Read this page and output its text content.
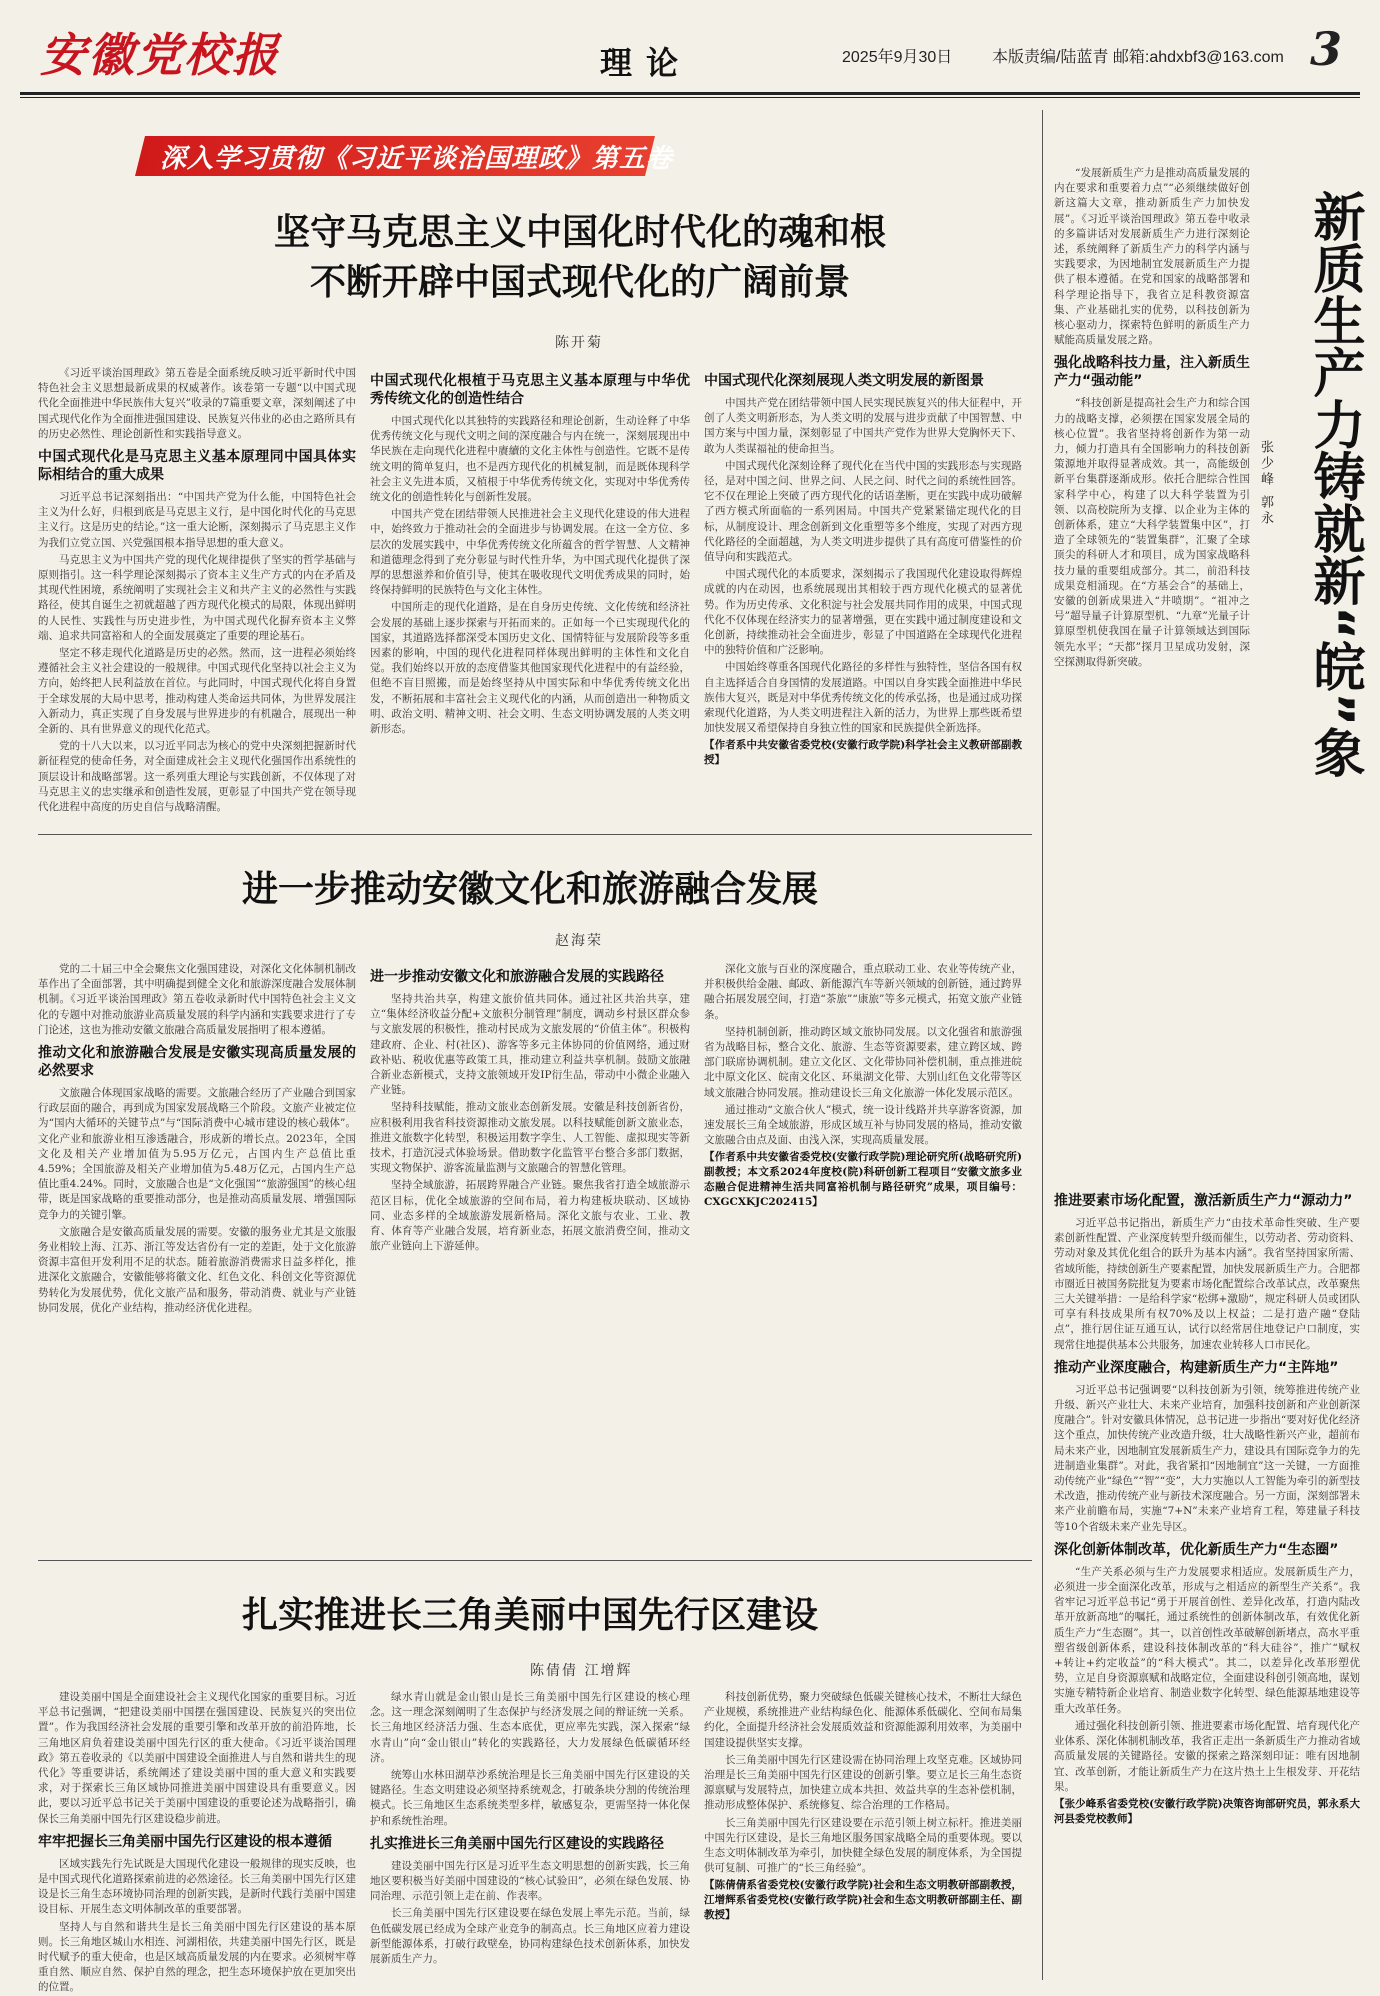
安徽党校报	理论	2025年9月30日 本版责编/陆蓝青 邮箱:ahdxbf3@163.com 3
深入学习贯彻《习近平谈治国理政》第五卷
坚守马克思主义中国化时代化的魂和根
不断开辟中国式现代化的广阔前景
陈开菊

《习近平谈治国理政》第五卷是全面系统反映习近平新时代中国特色社会主义思想最新成果的权威著作。该卷第一专题“以中国式现代化全面推进中华民族伟大复兴”收录的7篇重要文章，深刻阐述了中国式现代化作为全面推进强国建设、民族复兴伟业的必由之路所具有的历史必然性、理论创新性和实践指导意义。

中国式现代化是马克思主义基本原理同中国具体实际相结合的重大成果

习近平总书记深刻指出：“中国共产党为什么能，中国特色社会主义为什么好，归根到底是马克思主义行，是中国化时代化的马克思主义行。这是历史的结论。”这一重大论断，深刻揭示了马克思主义作为我们立党立国、兴党强国根本指导思想的重大意义。

马克思主义为中国共产党的现代化规律提供了坚实的哲学基础与原则指引。这一科学理论深刻揭示了资本主义生产方式的内在矛盾及其现代性困境，系统阐明了实现社会主义和共产主义的必然性与实践路径，使其自诞生之初就超越了西方现代化模式的局限，体现出鲜明的人民性、实践性与历史进步性，为中国式现代化摒弃资本主义弊端、追求共同富裕和人的全面发展奠定了重要的理论基石。

坚定不移走现代化道路是历史的必然。然而，这一进程必须始终遵循社会主义社会建设的一般规律。中国式现代化坚持以社会主义为方向，始终把人民利益放在首位。与此同时，中国式现代化将自身置于全球发展的大局中思考，推动构建人类命运共同体，为世界发展注入新动力，真正实现了自身发展与世界进步的有机融合，展现出一种全新的、具有世界意义的现代化范式。

党的十八大以来，以习近平同志为核心的党中央深刻把握新时代新征程党的使命任务，对全面建成社会主义现代化强国作出系统性的顶层设计和战略部署。这一系列重大理论与实践创新，不仅体现了对马克思主义的忠实继承和创造性发展，更彰显了中国共产党在领导现代化进程中高度的历史自信与战略清醒。

中国式现代化根植于马克思主义基本原理与中华优秀传统文化的创造性结合

中国式现代化以其独特的实践路径和理论创新，生动诠释了中华优秀传统文化与现代文明之间的深度融合与内在统一，深刻展现出中华民族在走向现代化进程中賡續的文化主体性与创造性。它既不是传统文明的简单复归，也不是西方现代化的机械复制，而是既体现科学社会主义先进本质，又植根于中华优秀传统文化，实现对中华优秀传统文化的创造性转化与创新性发展。

中国共产党在团结带领人民推进社会主义现代化建设的伟大进程中，始终致力于推动社会的全面进步与协调发展。在这一全方位、多层次的发展实践中，中华优秀传统文化所蕴含的哲学智慧、人文精神和道德理念得到了充分彰显与时代性升华，为中国式现代化提供了深厚的思想滋养和价值引导，使其在吸收现代文明优秀成果的同时，始终保持鲜明的民族特色与文化主体性。

中国所走的现代化道路，是在自身历史传统、文化传统和经济社会发展的基础上逐步探索与开拓而来的。正如每一个已实现现代化的国家，其道路选择都深受本国历史文化、国情特征与发展阶段等多重因素的影响，中国的现代化进程同样体现出鲜明的主体性和文化自觉。我们始终以开放的态度借鉴其他国家现代化进程中的有益经验，但绝不盲目照搬，而是始终坚持从中国实际和中华优秀传统文化出发，不断拓展和丰富社会主义现代化的内涵，从而创造出一种物质文明、政治文明、精神文明、社会文明、生态文明协调发展的人类文明新形态。

中国式现代化深刻展现人类文明发展的新图景

中国共产党在团结带领中国人民实现民族复兴的伟大征程中，开创了人类文明新形态，为人类文明的发展与进步贡献了中国智慧、中国方案与中国力量，深刻彰显了中国共产党作为世界大党胸怀天下、敢为人类谋福祉的使命担当。

中国式现代化深刻诠释了现代化在当代中国的实践形态与实现路径，是对中国之问、世界之问、人民之问、时代之问的系统性回答。它不仅在理论上突破了西方现代化的话语垄断，更在实践中成功破解了西方模式所面临的一系列困局。中国共产党紧紧锚定现代化的目标，从制度设计、理念创新到文化重塑等多个维度，实现了对西方现代化路径的全面超越，为人类文明进步提供了具有高度可借鉴性的价值导向和实践范式。

中国式现代化的本质要求，深刻揭示了我国现代化建设取得辉煌成就的内在动因，也系统展现出其相较于西方现代化模式的显著优势。作为历史传承、文化积淀与社会发展共同作用的成果，中国式现代化不仅体现在经济实力的显著增强，更在实践中通过制度建设和文化创新，持续推动社会全面进步，彰显了中国道路在全球现代化进程中的独特价值和广泛影响。

中国始终尊重各国现代化路径的多样性与独特性，坚信各国有权自主选择适合自身国情的发展道路。中国以自身实践全面推进中华民族伟大复兴，既是对中华优秀传统文化的传承弘扬，也是通过成功探索现代化道路，为人类文明进程注入新的活力，为世界上那些既希望加快发展又希望保持自身独立性的国家和民族提供全新选择。

【作者系中共安徽省委党校(安徽行政学院)科学社会主义教研部副教授】
进一步推动安徽文化和旅游融合发展
赵海荣

党的二十届三中全会聚焦文化强国建设，对深化文化体制机制改革作出了全面部署，其中明确提到健全文化和旅游深度融合发展体制机制。《习近平谈治国理政》第五卷收录新时代中国特色社会主义文化的专题中对推动旅游业高质量发展的科学内涵和实践要求进行了专门论述，这也为推动安徽文旅融合高质量发展指明了根本遵循。

推动文化和旅游融合发展是安徽实现高质量发展的必然要求

文旅融合体现国家战略的需要。文旅融合经历了产业融合到国家行政层面的融合，再到成为国家发展战略三个阶段。文旅产业被定位为“国内大循环的关键节点”与“国际消费中心城市建设的核心载体”。文化产业和旅游业相互渗透融合，形成新的增长点。2023年，全国文化及相关产业增加值为5.95万亿元，占国内生产总值比重4.59%；全国旅游及相关产业增加值为5.48万亿元，占国内生产总值比重4.24%。同时，文旅融合也是“文化强国”“旅游强国”的核心纽带，既是国家战略的重要推动部分，也是推动高质量发展、增强国际竞争力的关键引擎。

文旅融合是安徽高质量发展的需要。安徽的服务业尤其是文旅服务业相较上海、江苏、浙江等发达省份有一定的差距，处于文化旅游资源丰富但开发利用不足的状态。随着旅游消费需求日益多样化，推进深化文旅融合，安徽能够将徽文化、红色文化、科创文化等资源优势转化为发展优势，优化文旅产品和服务，带动消费、就业与产业链协同发展，优化产业结构，推动经济优化进程。

进一步推动安徽文化和旅游融合发展的实践路径

坚持共治共享，构建文旅价值共同体。通过社区共治共享，建立“集体经济收益分配+文旅积分制管理”制度，调动乡村景区群众参与文旅发展的积极性，推动村民成为文旅发展的“价值主体”。积极构建政府、企业、村(社区)、游客等多元主体协同的价值网络，通过财政补贴、税收优惠等政策工具，推动建立利益共享机制。鼓励文旅融合新业态新模式，支持文旅领域开发IP衍生品，带动中小微企业融入产业链。

坚持科技赋能，推动文旅业态创新发展。安徽是科技创新省份，应积极利用我省科技资源推动文旅发展。以科技赋能创新文旅业态，推进文旅数字化转型，积极运用数字孪生、人工智能、虚拟现实等新技术，打造沉浸式体验场景。借助数字化监管平台整合多部门数据，实现文物保护、游客流量监测与文旅融合的智慧化管理。

坚持全域旅游，拓展跨界融合产业链。聚焦我省打造全域旅游示范区目标，优化全域旅游的空间布局，着力构建板块联动、区域协同、业态多样的全域旅游发展新格局。深化文旅与农业、工业、教育、体育等产业融合发展，培育新业态，拓展文旅消费空间，推动文旅产业链向上下游延伸。

深化文旅与百业的深度融合，重点联动工业、农业等传统产业，并积极供给金融、邮政、新能源汽车等新兴领域的创新链，通过跨界融合拓展发展空间，打造“茶旅”“康旅”等多元模式，拓宽文旅产业链条。

坚持机制创新，推动跨区域文旅协同发展。以文化强省和旅游强省为战略目标，整合文化、旅游、生态等资源要素，建立跨区域、跨部门联席协调机制。建立文化区、文化带协同补偿机制，重点推进皖北中原文化区、皖南文化区、环巢湖文化带、大别山红色文化带等区域文旅融合协同发展。推动建设长三角文化旅游一体化发展示范区。

通过推动“文旅合伙人”模式，统一设计线路并共享游客资源，加速发展长三角全域旅游，形成区域互补与协同发展的格局，推动安徽文旅融合由点及面、由浅入深，实现高质量发展。

【作者系中共安徽省委党校(安徽行政学院)理论研究所(战略研究所)副教授；本文系2024年度校(院)科研创新工程项目“安徽文旅多业态融合促进精神生活共同富裕机制与路径研究”成果，项目编号：CXGCXKJC202415】
扎实推进长三角美丽中国先行区建设
陈倩倩 江增辉

建设美丽中国是全面建设社会主义现代化国家的重要目标。习近平总书记强调，“把建设美丽中国摆在强国建设、民族复兴的突出位置”。作为我国经济社会发展的重要引擎和改革开放的前沿阵地，长三角地区肩负着建设美丽中国先行区的重大使命。《习近平谈治国理政》第五卷收录的《以美丽中国建设全面推进人与自然和谐共生的现代化》等重要讲话，系统阐述了建设美丽中国的重大意义和实践要求，对于探索长三角区域协同推进美丽中国建设具有重要意义。因此，要以习近平总书记关于美丽中国建设的重要论述为战略指引，确保长三角美丽中国先行区建设稳步前进。

牢牢把握长三角美丽中国先行区建设的根本遵循

区域实践先行先试既是大国现代化建设一般规律的现实反映，也是中国式现代化道路探索前进的必然途径。长三角美丽中国先行区建设是长三角生态环境协同治理的创新实践，是新时代践行美丽中国建设目标、开展生态文明体制改革的重要部署。

坚持人与自然和谐共生是长三角美丽中国先行区建设的基本原则。长三角地区城山水相连、河湖相依，共建美丽中国先行区，既是时代赋予的重大使命，也是区域高质量发展的内在要求。必须树牢尊重自然、顺应自然、保护自然的理念，把生态环境保护放在更加突出的位置。

绿水青山就是金山银山是长三角美丽中国先行区建设的核心理念。这一理念深刻阐明了生态保护与经济发展之间的辩证统一关系。长三角地区经济活力强、生态本底优，更应率先实践，深入探索“绿水青山”向“金山银山”转化的实践路径，大力发展绿色低碳循环经济。

统筹山水林田湖草沙系统治理是长三角美丽中国先行区建设的关键路径。生态文明建设必须坚持系统观念，打破条块分割的传统治理模式。长三角地区生态系统类型多样，敏感复杂，更需坚持一体化保护和系统性治理。

扎实推进长三角美丽中国先行区建设的实践路径

建设美丽中国先行区是习近平生态文明思想的创新实践，长三角地区要积极当好美丽中国建设的“核心试验田”，必须在绿色发展、协同治理、示范引领上走在前、作表率。

长三角美丽中国先行区建设要在绿色发展上率先示范。当前，绿色低碳发展已经成为全球产业竞争的制高点。长三角地区应着力建设新型能源体系，打破行政壁垒，协同构建绿色技术创新体系，加快发展新质生产力。

科技创新优势，聚力突破绿色低碳关键核心技术，不断壮大绿色产业规模，系统推进产业结构绿色化、能源体系低碳化、空间布局集约化，全面提升经济社会发展质效益和资源能源利用效率，为美丽中国建设提供坚实支撑。

长三角美丽中国先行区建设需在协同治理上攻坚克难。区域协同治理是长三角美丽中国先行区建设的创新引擎。要立足长三角生态资源禀赋与发展特点，加快建立成本共担、效益共享的生态补偿机制，推动形成整体保护、系统修复、综合治理的工作格局。

长三角美丽中国先行区建设要在示范引领上树立标杆。推进美丽中国先行区建设，是长三角地区服务国家战略全局的重要体现。要以生态文明体制改革为牵引，加快健全绿色发展的制度体系，为全国提供可复制、可推广的“长三角经验”。

【陈倩倩系省委党校(安徽行政学院)社会和生态文明教研部副教授，江增辉系省委党校(安徽行政学院)社会和生态文明教研部副主任、副教授】
新质生产力铸就新“皖”象
张少峰 郭永

“发展新质生产力是推动高质量发展的内在要求和重要着力点”“必须继续做好创新这篇大文章，推动新质生产力加快发展”。《习近平谈治国理政》第五卷中收录的多篇讲话对发展新质生产力进行深刻论述，系统阐释了新质生产力的科学内涵与实践要求，为因地制宜发展新质生产力提供了根本遵循。在党和国家的战略部署和科学理论指导下，我省立足科教资源富集、产业基础扎实的优势，以科技创新为核心驱动力，探索特色鲜明的新质生产力赋能高质量发展之路。

强化战略科技力量，注入新质生产力“强动能”

“科技创新是提高社会生产力和综合国力的战略支撑，必须摆在国家发展全局的核心位置”。我省坚持将创新作为第一动力，倾力打造具有全国影响力的科技创新策源地并取得显著成效。其一，高能级创新平台集群逐渐成形。依托合肥综合性国家科学中心，构建了以大科学装置为引领、以高校院所为支撑、以企业为主体的创新体系，建立“大科学装置集中区”，打造了全球领先的“装置集群”，汇聚了全球顶尖的科研人才和项目，成为国家战略科技力量的重要组成部分。其二，前沿科技成果竞相涌现。在“方基会合”的基础上，安徽的创新成果进入“井喷期”。“祖冲之号”超导量子计算原型机、“九章”光量子计算原型机使我国在量子计算领域达到国际领先水平；“天都”探月卫星成功发射，深空探测取得新突破。

推进要素市场化配置，激活新质生产力“源动力”

习近平总书记指出，新质生产力“由技术革命性突破、生产要素创新性配置、产业深度转型升级而催生，以劳动者、劳动资料、劳动对象及其优化组合的跃升为基本内涵”。我省坚持国家所需、省域所能，持续创新生产要素配置，加快发展新质生产力。合肥都市圈近日被国务院批复为要素市场化配置综合改革试点，改革聚焦三大关键举措：一是给科学家“松绑+激励”，规定科研人员或团队可享有科技成果所有权70%及以上权益；二是打造产融“登陆点”，推行居住证互通互认，试行以经常居住地登记户口制度，实现常住地提供基本公共服务，加速农业转移人口市民化。

推动产业深度融合，构建新质生产力“主阵地”

习近平总书记强调要“以科技创新为引领，统筹推进传统产业升级、新兴产业壮大、未来产业培育，加强科技创新和产业创新深度融合”。针对安徽具体情况，总书记进一步指出“要对好优化经济这个重点，加快传统产业改造升级，壮大战略性新兴产业，超前布局未来产业，因地制宜发展新质生产力，建设具有国际竞争力的先进制造业集群”。对此，我省紧扣“因地制宜”这一关键，一方面推动传统产业“绿色”“智”“变”，大力实施以人工智能为牵引的新型技术改造，推动传统产业与新技术深度融合。另一方面，深刻部署未来产业前瞻布局，实施“7+N”未来产业培育工程，筹建量子科技等10个省级未来产业先导区。

深化创新体制改革，优化新质生产力“生态圈”

“生产关系必须与生产力发展要求相适应。发展新质生产力，必须进一步全面深化改革，形成与之相适应的新型生产关系”。我省牢记习近平总书记“勇于开展首创性、差异化改革，打造内陆改革开放新高地”的嘱托，通过系统性的创新体制改革，有效优化新质生产力“生态圈”。其一，以首创性改革破解创新堵点，高水平重塑省级创新体系，建设科技体制改革的“科大硅谷”，推广“赋权+转让+约定收益”的“科大模式”。其二，以差异化改革形塑优势，立足自身资源禀赋和战略定位，全面建设科创引领高地，谋划实施专精特新企业培育、制造业数字化转型、绿色能源基地建设等重大改革任务。

通过强化科技创新引领、推进要素市场化配置、培育现代化产业体系、深化体制机制改革，我省正走出一条新质生产力推动省域高质量发展的关键路径。安徽的探索之路深刻印证：唯有因地制宜、改革创新，才能让新质生产力在这片热土上生根发芽、开花结果。

【张少峰系省委党校(安徽行政学院)决策咨询部研究员，郭永系大河县委党校教师】
